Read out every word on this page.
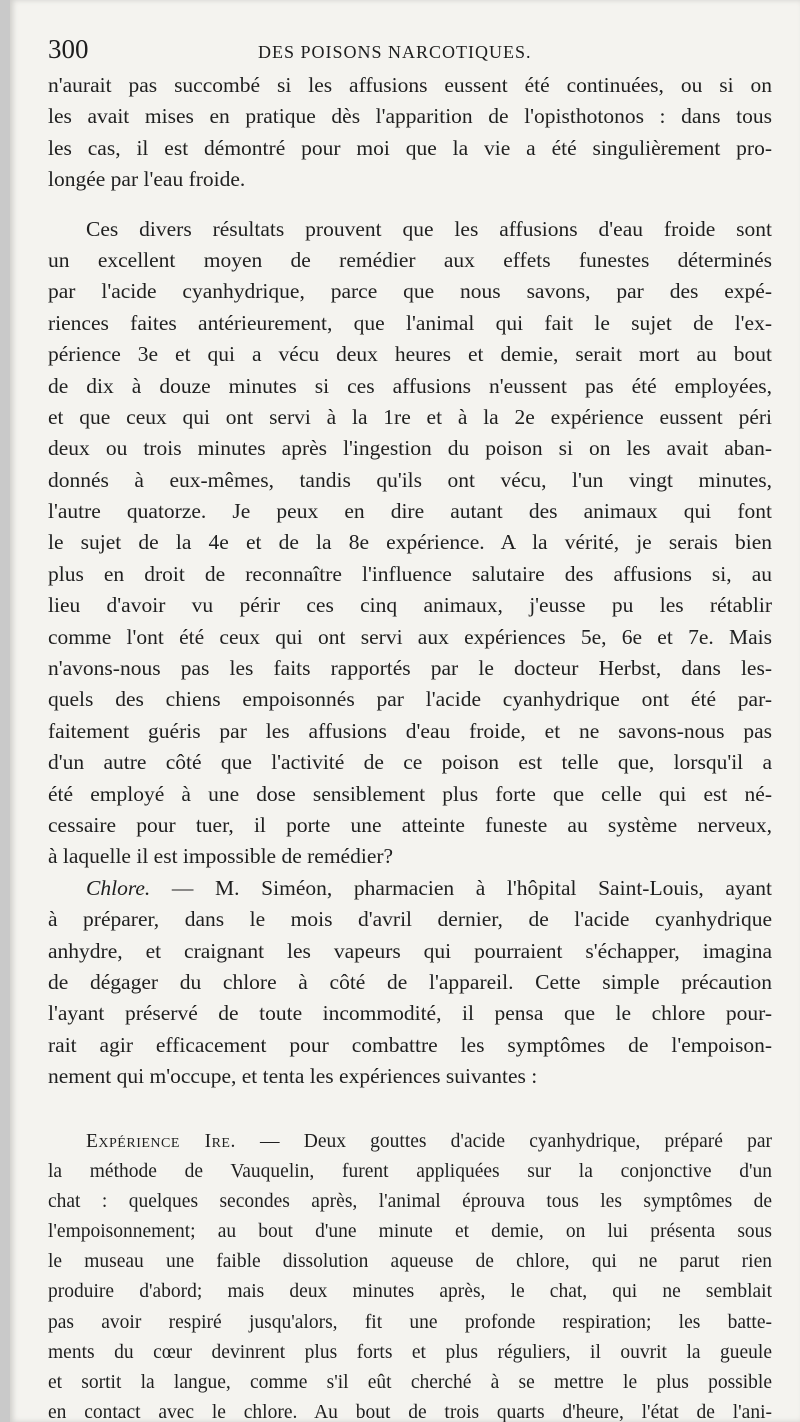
300	DES POISONS NARCOTIQUES.
n'aurait pas succombé si les affusions eussent été continuées, ou si on
les avait mises en pratique dès l'apparition de l'opisthotonos : dans tous
les cas, il est démontré pour moi que la vie a été singulièrement pro-
longée par l'eau froide.
Ces divers résultats prouvent que les affusions d'eau froide sont
un excellent moyen de remédier aux effets funestes déterminés
par l'acide cyanhydrique, parce que nous savons, par des expé-
riences faites antérieurement, que l'animal qui fait le sujet de l'ex-
périence 3e et qui a vécu deux heures et demie, serait mort au bout
de dix à douze minutes si ces affusions n'eussent pas été employées,
et que ceux qui ont servi à la 1re et à la 2e expérience eussent péri
deux ou trois minutes après l'ingestion du poison si on les avait aban-
donnés à eux-mêmes, tandis qu'ils ont vécu, l'un vingt minutes,
l'autre quatorze. Je peux en dire autant des animaux qui font
le sujet de la 4e et de la 8e expérience. A la vérité, je serais bien
plus en droit de reconnaître l'influence salutaire des affusions si, au
lieu d'avoir vu périr ces cinq animaux, j'eusse pu les rétablir
comme l'ont été ceux qui ont servi aux expériences 5e, 6e et 7e. Mais
n'avons-nous pas les faits rapportés par le docteur Herbst, dans les-
quels des chiens empoisonnés par l'acide cyanhydrique ont été par-
faitement guéris par les affusions d'eau froide, et ne savons-nous pas
d'un autre côté que l'activité de ce poison est telle que, lorsqu'il a
été employé à une dose sensiblement plus forte que celle qui est né-
cessaire pour tuer, il porte une atteinte funeste au système nerveux,
à laquelle il est impossible de remédier?
Chlore. — M. Siméon, pharmacien à l'hôpital Saint-Louis, ayant
à préparer, dans le mois d'avril dernier, de l'acide cyanhydrique
anhydre, et craignant les vapeurs qui pourraient s'échapper, imagina
de dégager du chlore à côté de l'appareil. Cette simple précaution
l'ayant préservé de toute incommodité, il pensa que le chlore pour-
rait agir efficacement pour combattre les symptômes de l'empoison-
nement qui m'occupe, et tenta les expériences suivantes :
Expérience Ire. — Deux gouttes d'acide cyanhydrique, préparé par
la méthode de Vauquelin, furent appliquées sur la conjonctive d'un
chat : quelques secondes après, l'animal éprouva tous les symptômes de
l'empoisonnement; au bout d'une minute et demie, on lui présenta sous
le museau une faible dissolution aqueuse de chlore, qui ne parut rien
produire d'abord; mais deux minutes après, le chat, qui ne semblait
pas avoir respiré jusqu'alors, fit une profonde respiration; les batte-
ments du cœur devinrent plus forts et plus réguliers, il ouvrit la gueule
et sortit la langue, comme s'il eût cherché à se mettre le plus possible
en contact avec le chlore. Au bout de trois quarts d'heure, l'état de l'ani-
